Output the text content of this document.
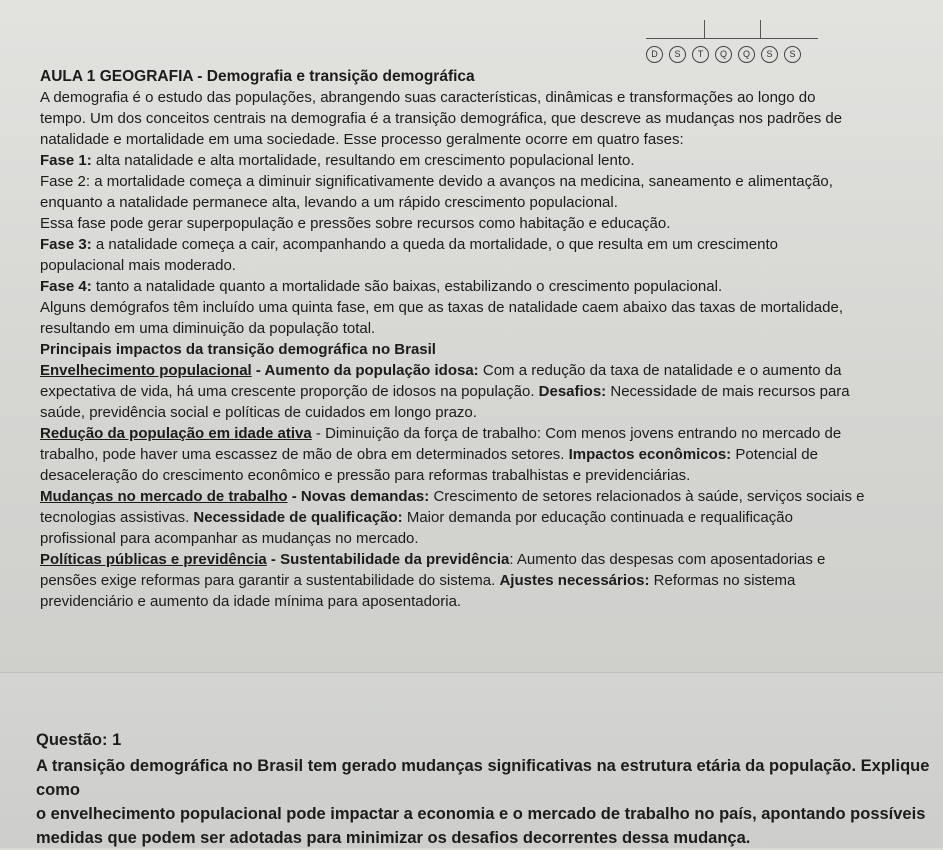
D	S	T	Q	Q	S	S

AULA 1 GEOGRAFIA - Demografia e transição demográfica

A demografia é o estudo das populações, abrangendo suas características, dinâmicas e transformações ao longo do

tempo. Um dos conceitos centrais na demografia é a transição demográfica, que descreve as mudanças nos padrões de

natalidade e mortalidade em uma sociedade. Esse processo geralmente ocorre em quatro fases:

Fase 1: alta natalidade e alta mortalidade, resultando em crescimento populacional lento.

Fase 2: a mortalidade começa a diminuir significativamente devido a avanços na medicina, saneamento e alimentação,

enquanto a natalidade permanece alta, levando a um rápido crescimento populacional.

Essa fase pode gerar superpopulação e pressões sobre recursos como habitação e educação.

Fase 3: a natalidade começa a cair, acompanhando a queda da mortalidade, o que resulta em um crescimento

populacional mais moderado.

Fase 4: tanto a natalidade quanto a mortalidade são baixas, estabilizando o crescimento populacional.

Alguns demógrafos têm incluído uma quinta fase, em que as taxas de natalidade caem abaixo das taxas de mortalidade,

resultando em uma diminuição da população total.

Principais impactos da transição demográfica no Brasil

Envelhecimento populacional - Aumento da população idosa: Com a redução da taxa de natalidade e o aumento da

expectativa de vida, há uma crescente proporção de idosos na população. Desafios: Necessidade de mais recursos para

saúde, previdência social e políticas de cuidados em longo prazo.

Redução da população em idade ativa - Diminuição da força de trabalho: Com menos jovens entrando no mercado de

trabalho, pode haver uma escassez de mão de obra em determinados setores. Impactos econômicos: Potencial de

desaceleração do crescimento econômico e pressão para reformas trabalhistas e previdenciárias.

Mudanças no mercado de trabalho - Novas demandas: Crescimento de setores relacionados à saúde, serviços sociais e

tecnologias assistivas. Necessidade de qualificação: Maior demanda por educação continuada e requalificação

profissional para acompanhar as mudanças no mercado.

Políticas públicas e previdência - Sustentabilidade da previdência: Aumento das despesas com aposentadorias e

pensões exige reformas para garantir a sustentabilidade do sistema. Ajustes necessários: Reformas no sistema

previdenciário e aumento da idade mínima para aposentadoria.

Questão: 1

A transição demográfica no Brasil tem gerado mudanças significativas na estrutura etária da população. Explique como

o envelhecimento populacional pode impactar a economia e o mercado de trabalho no país, apontando possíveis

medidas que podem ser adotadas para minimizar os desafios decorrentes dessa mudança.
